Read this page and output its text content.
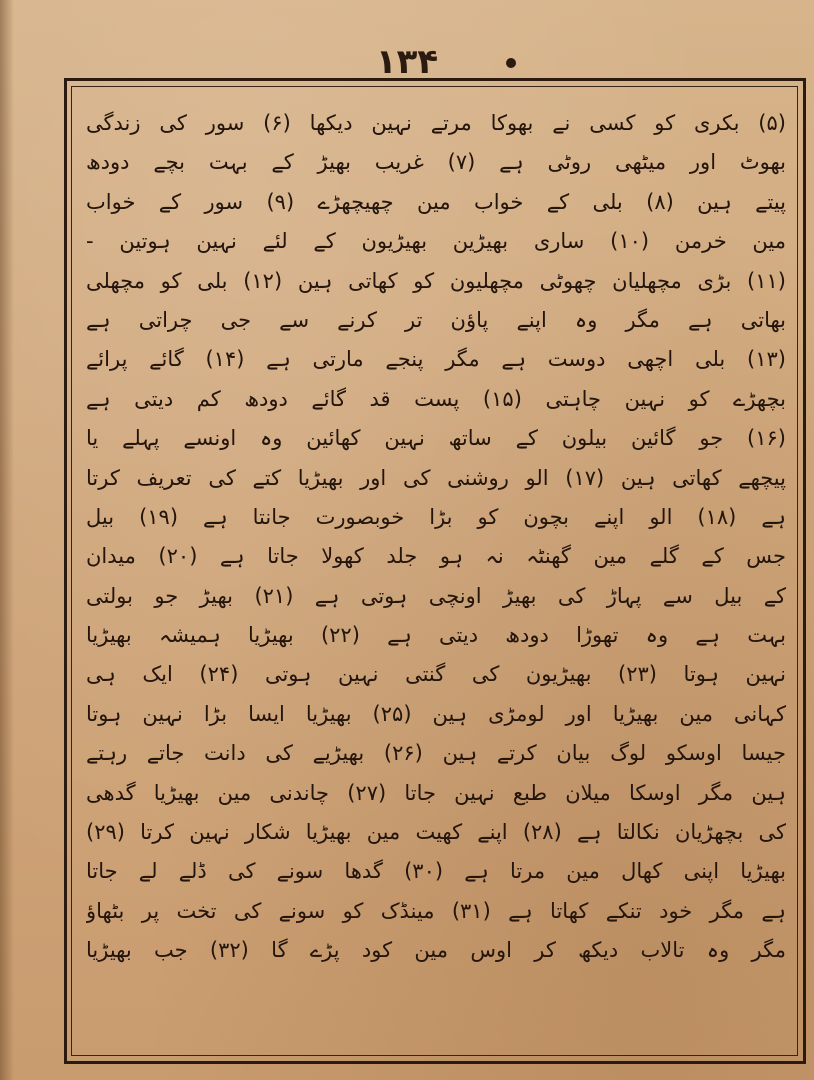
۱۳۴
(۵) بکری کو کسی نے بھوکا مرتے نہین دیکھا (۶) سور کی زندگی
بھوٹ اور میٹھی روٹی ہے (۷) غریب بھیڑ کے بہت بچے دودھ
پیتے ہین (۸) بلی کے خواب مین چھیچھڑے (۹) سور کے خواب
مین خرمن (۱۰) ساری بھیڑین بھیڑیون کے لئے نہین ہوتین -
(۱۱) بڑی مچھلیان چھوٹی مچھلیون کو کھاتی ہین (۱۲) بلی کو مچھلی
بھاتی ہے مگر وہ اپنے پاؤن تر کرنے سے جی چراتی ہے
(۱۳) بلی اچھی دوست ہے مگر پنجے مارتی ہے (۱۴) گائے پرائے
بچھڑے کو نہین چاہتی (۱۵) پست قد گائے دودھ کم دیتی ہے
(۱۶) جو گائین بیلون کے ساتھ نہین کھائین وہ اونسے پہلے یا
پیچھے کھاتی ہین (۱۷) الو روشنی کی اور بھیڑیا کتے کی تعریف کرتا
ہے (۱۸) الو اپنے بچون کو بڑا خوبصورت جانتا ہے (۱۹) بیل
جس کے گلے مین گھنٹہ نہ ہو جلد کھولا جاتا ہے (۲۰) میدان
کے بیل سے پہاڑ کی بھیڑ اونچی ہوتی ہے (۲۱) بھیڑ جو بولتی
بہت ہے وہ تھوڑا دودھ دیتی ہے (۲۲) بھیڑیا ہمیشہ بھیڑیا
نہین ہوتا (۲۳) بھیڑیون کی گنتی نہین ہوتی (۲۴) ایک ہی
کہانی مین بھیڑیا اور لومڑی ہین (۲۵) بھیڑیا ایسا بڑا نہین ہوتا
جیسا اوسکو لوگ بیان کرتے ہین (۲۶) بھیڑیے کی دانت جاتے رہتے
ہین مگر اوسکا میلان طبع نہین جاتا (۲۷) چاندنی مین بھیڑیا گدھی
کی بچھڑیان نکالتا ہے (۲۸) اپنے کھیت مین بھیڑیا شکار نہین کرتا (۲۹)
بھیڑیا اپنی کھال مین مرتا ہے (۳۰) گدھا سونے کی ڈلے لے جاتا
ہے مگر خود تنکے کھاتا ہے (۳۱) مینڈک کو سونے کی تخت پر بٹھاؤ
مگر وہ تالاب دیکھ کر اوس مین کود پڑے گا (۳۲) جب بھیڑیا
